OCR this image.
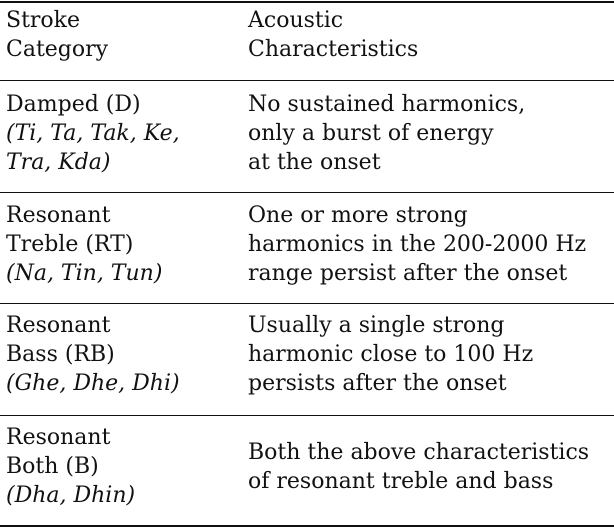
Stroke
Category
Acoustic
Characteristics
Damped (D)
(Ti, Ta, Tak, Ke,
Tra, Kda)
No sustained harmonics,
only a burst of energy
at the onset
Resonant
Treble (RT)
(Na, Tin, Tun)
One or more strong
harmonics in the 200-2000 Hz
range persist after the onset
Resonant
Bass (RB)
(Ghe, Dhe, Dhi)
Usually a single strong
harmonic close to 100 Hz
persists after the onset
Resonant
Both (B)
(Dha, Dhin)
Both the above characteristics
of resonant treble and bass
